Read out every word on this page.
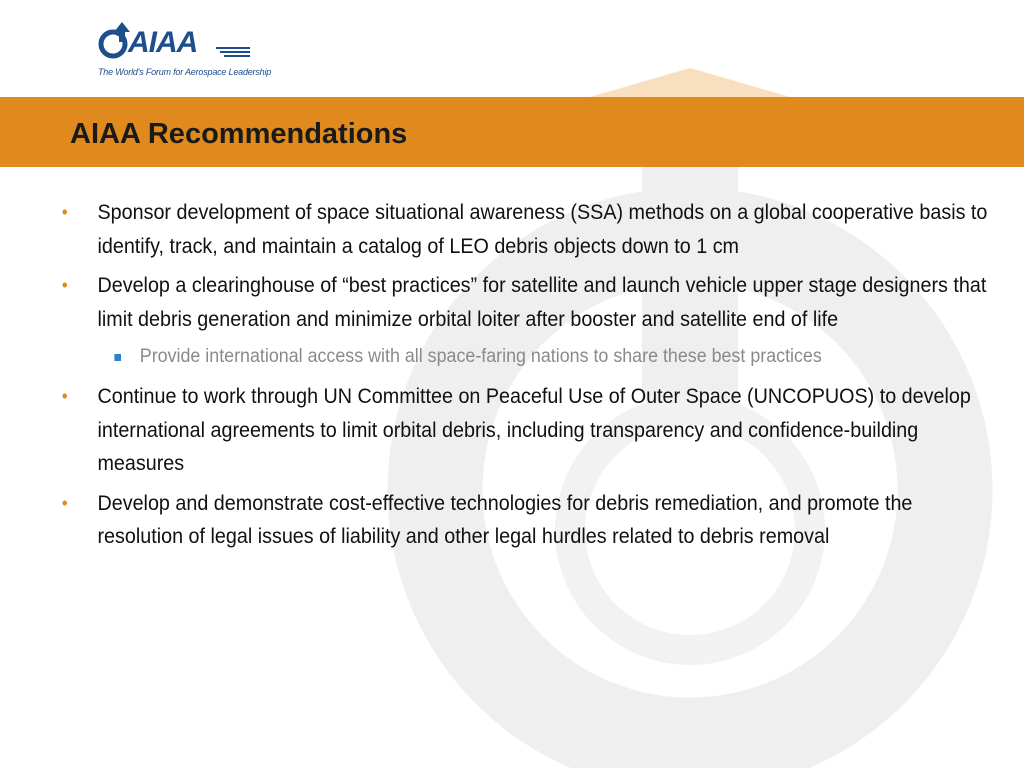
AIAA
The World's Forum for Aerospace Leadership
AIAA Recommendations
• Sponsor development of space situational awareness (SSA) methods on a global cooperative basis to identify, track, and maintain a catalog of LEO debris objects down to 1 cm
• Develop a clearinghouse of “best practices” for satellite and launch vehicle upper stage designers that limit debris generation and minimize orbital loiter after booster and satellite end of life
Provide international access with all space-faring nations to share these best practices
• Continue to work through UN Committee on Peaceful Use of Outer Space (UNCOPUOS) to develop international agreements to limit orbital debris, including transparency and confidence-building measures
• Develop and demonstrate cost-effective technologies for debris remediation, and promote the resolution of legal issues of liability and other legal hurdles related to debris removal
